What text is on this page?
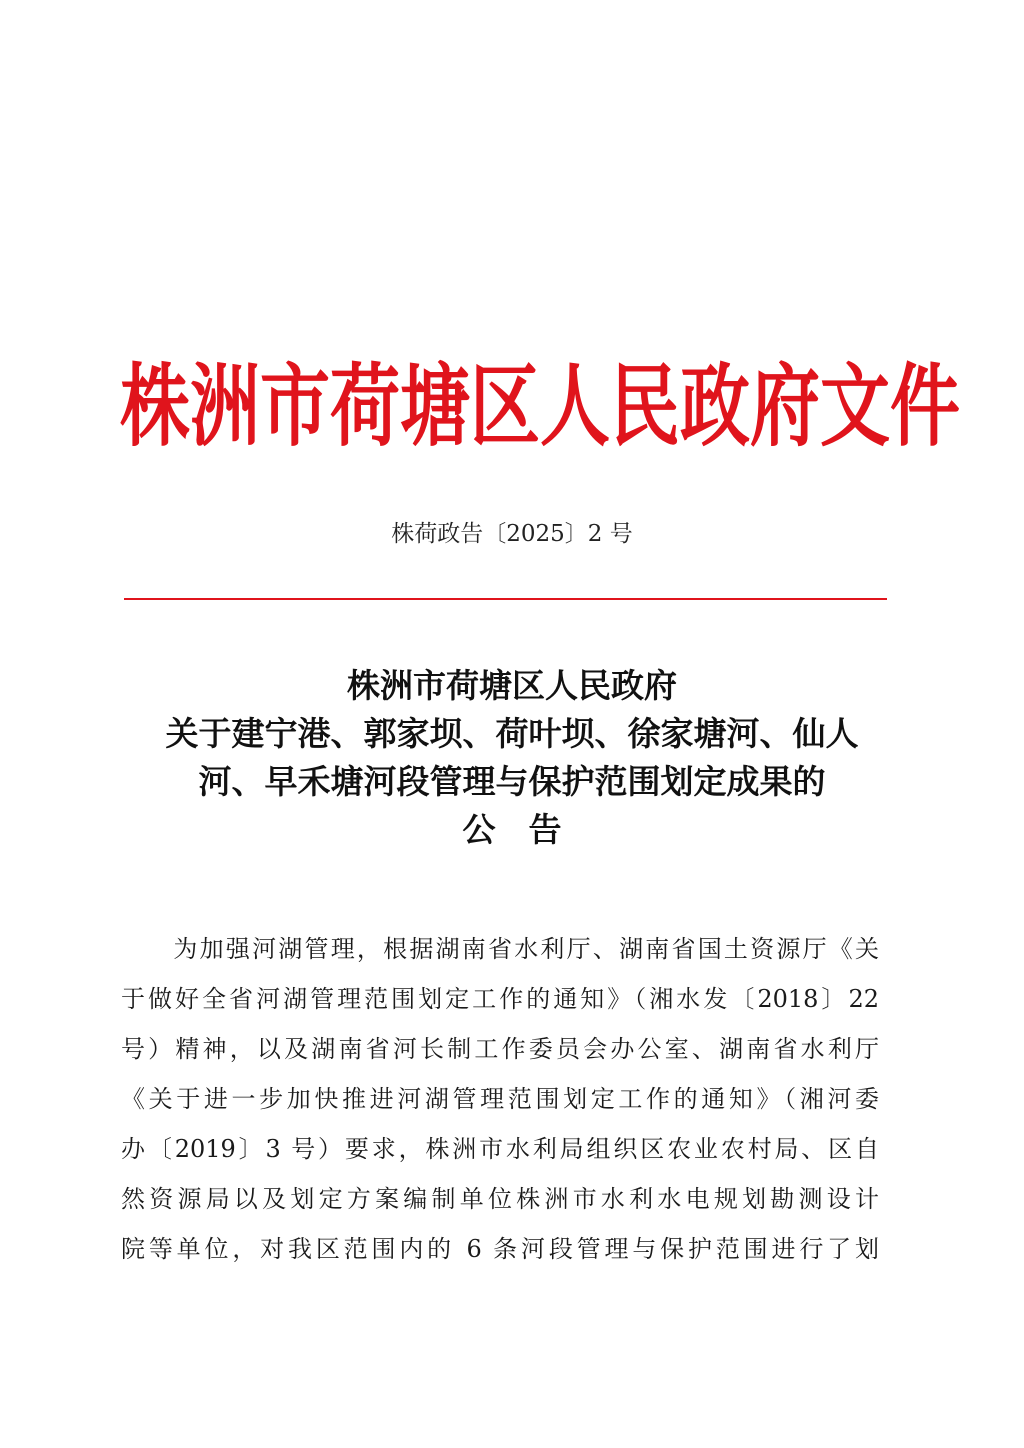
株洲市荷塘区人民政府文件
株荷政告〔2025〕2 号
株洲市荷塘区人民政府
关于建宁港、郭家坝、荷叶坝、徐家塘河、仙人
河、早禾塘河段管理与保护范围划定成果的
公　告
　　为加强河湖管理，根据湖南省水利厅、湖南省国土资源厅《关
于做好全省河湖管理范围划定工作的通知》（湘水发〔2018〕22
号）精神，以及湖南省河长制工作委员会办公室、湖南省水利厅
《关于进一步加快推进河湖管理范围划定工作的通知》（湘河委
办〔2019〕3 号）要求，株洲市水利局组织区农业农村局、区自
然资源局以及划定方案编制单位株洲市水利水电规划勘测设计
院等单位，对我区范围内的 6 条河段管理与保护范围进行了划
